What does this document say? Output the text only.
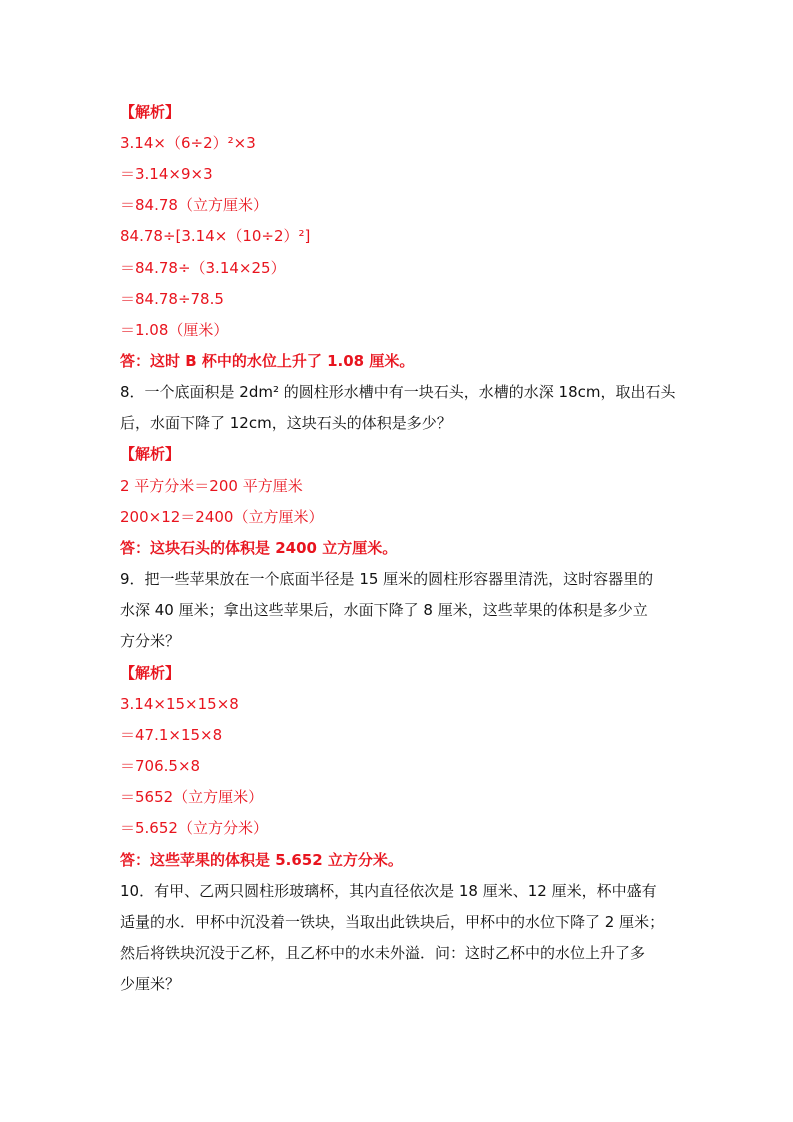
【解析】
3.14×（6÷2）²×3
＝3.14×9×3
＝84.78（立方厘米）
84.78÷[3.14×（10÷2）²]
＝84.78÷（3.14×25）
＝84.78÷78.5
＝1.08（厘米）
答：这时 B 杯中的水位上升了 1.08 厘米。
8．一个底面积是 2dm² 的圆柱形水槽中有一块石头，水槽的水深 18cm，取出石头
后，水面下降了 12cm，这块石头的体积是多少？
【解析】
2 平方分米＝200 平方厘米
200×12＝2400（立方厘米）
答：这块石头的体积是 2400 立方厘米。
9．把一些苹果放在一个底面半径是 15 厘米的圆柱形容器里清洗，这时容器里的
水深 40 厘米；拿出这些苹果后，水面下降了 8 厘米，这些苹果的体积是多少立
方分米？
【解析】
3.14×15×15×8
＝47.1×15×8
＝706.5×8
＝5652（立方厘米）
＝5.652（立方分米）
答：这些苹果的体积是 5.652 立方分米。
10．有甲、乙两只圆柱形玻璃杯，其内直径依次是 18 厘米、12 厘米，杯中盛有
适量的水．甲杯中沉没着一铁块，当取出此铁块后，甲杯中的水位下降了 2 厘米；
然后将铁块沉没于乙杯，且乙杯中的水未外溢．问：这时乙杯中的水位上升了多
少厘米？
